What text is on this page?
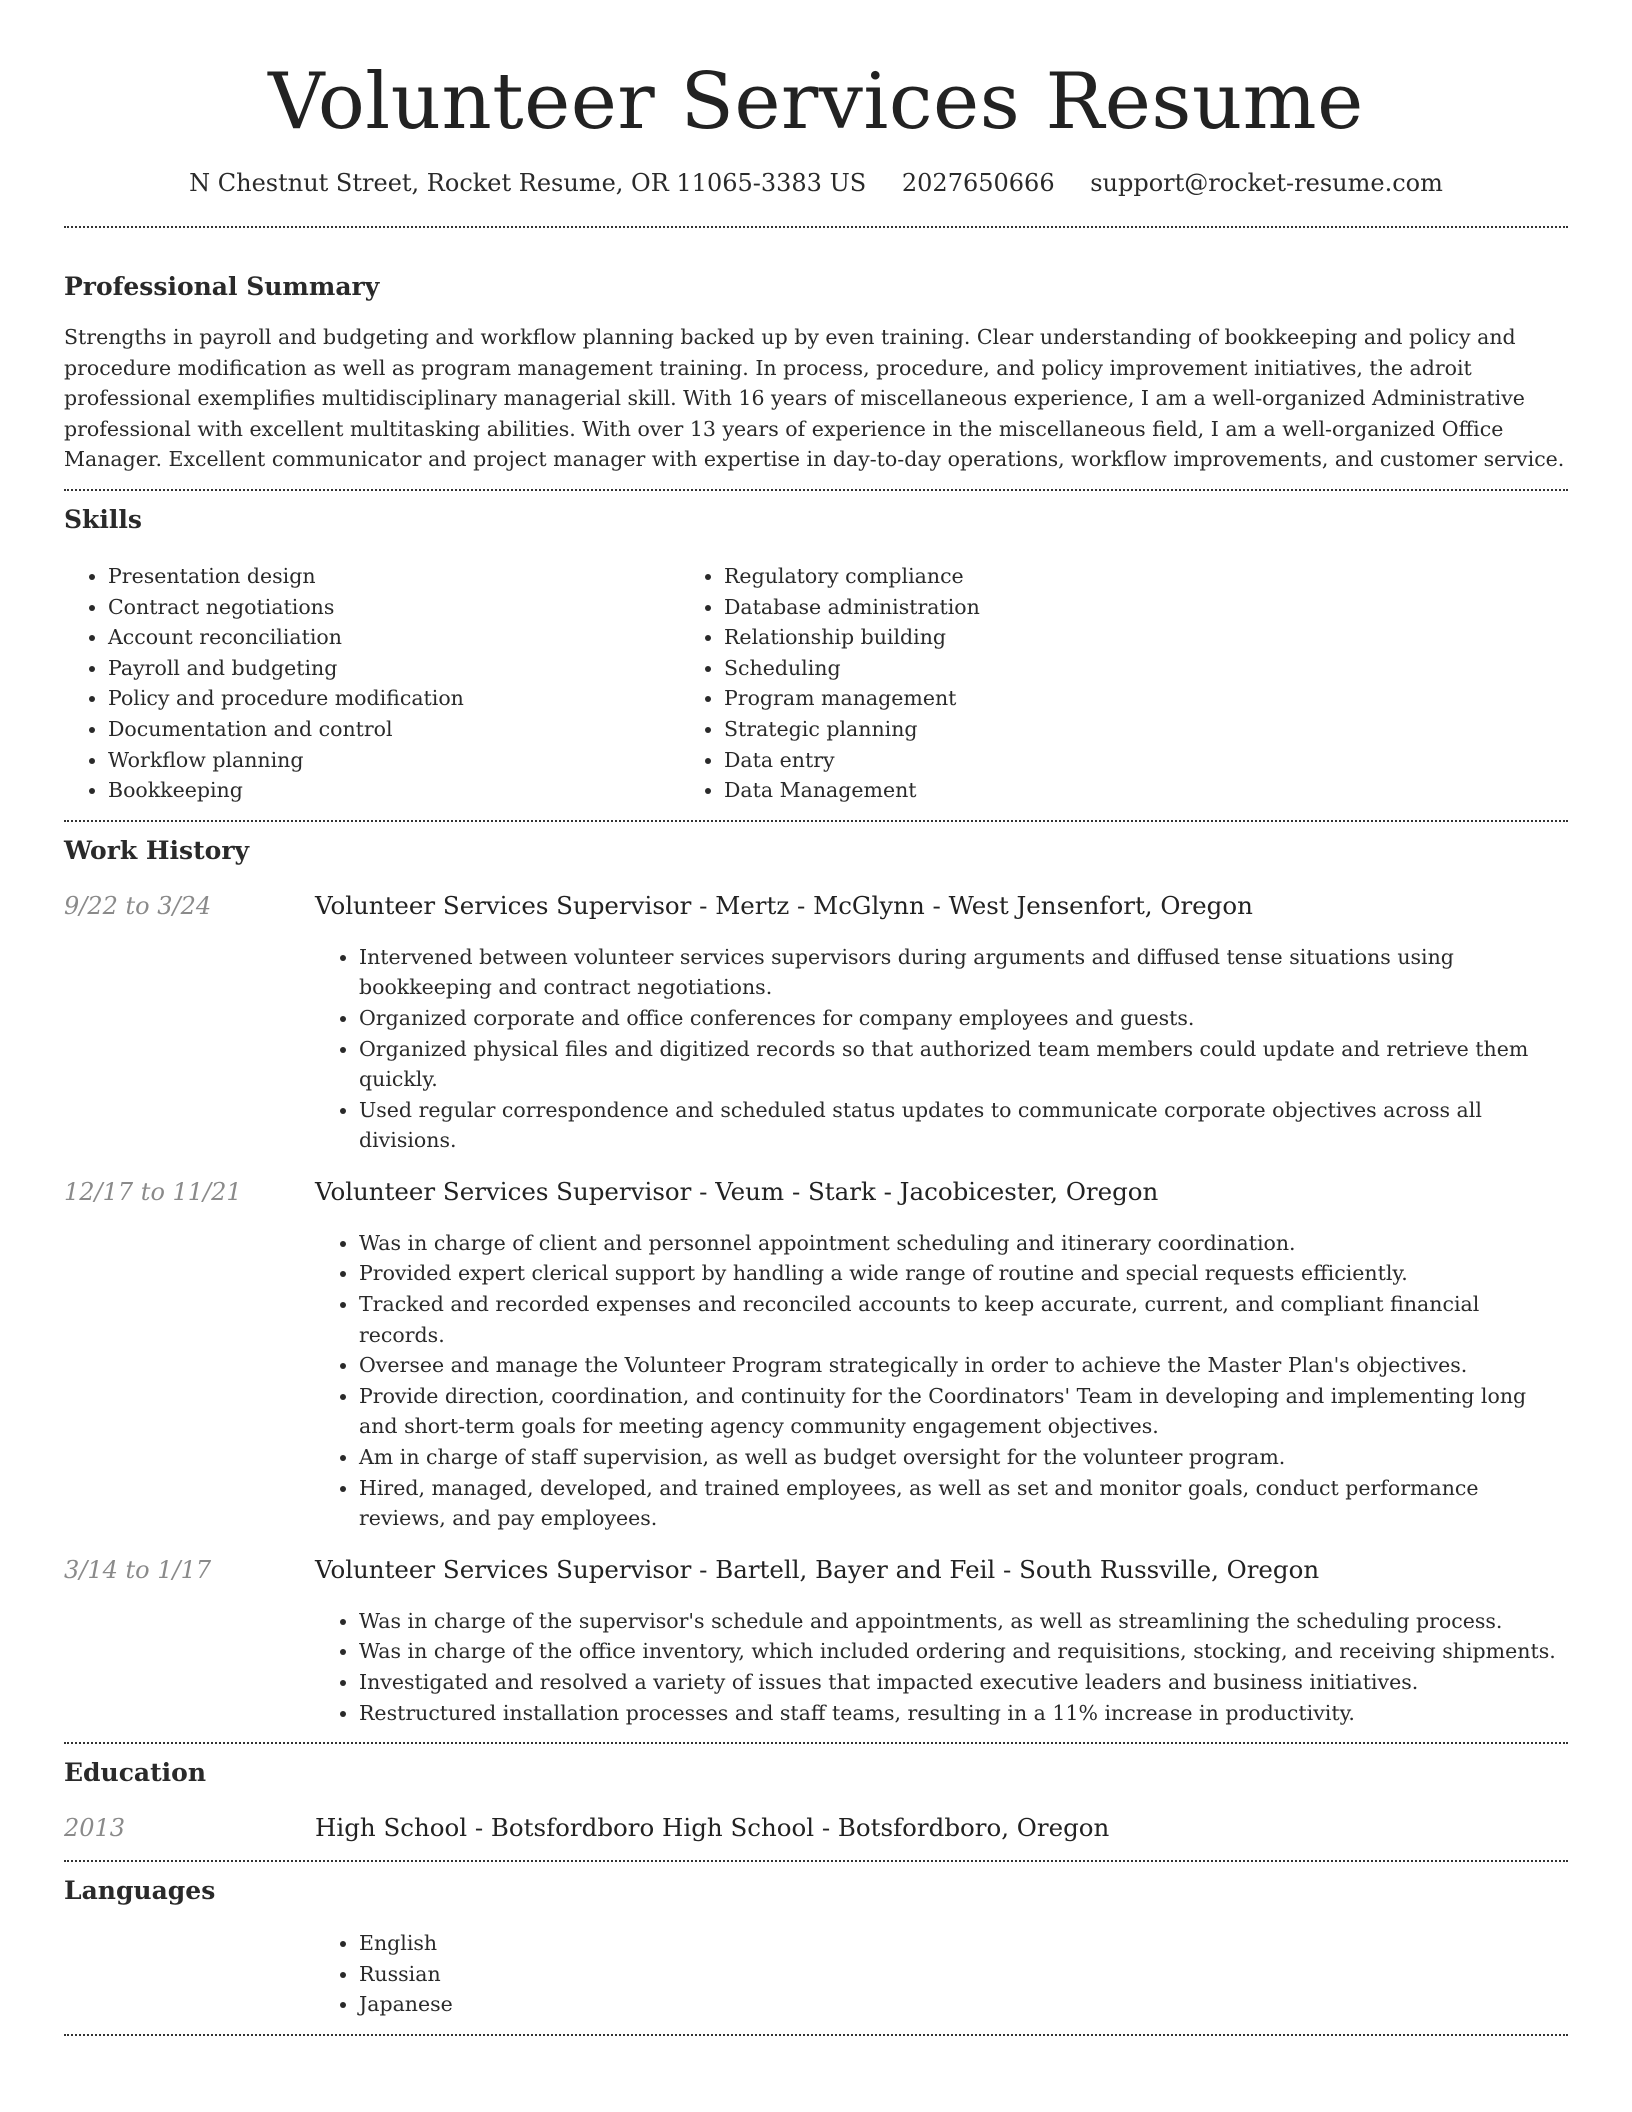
Volunteer Services Resume
N Chestnut Street, Rocket Resume, OR 11065-3383 US 2027650666 support@rocket-resume.com
Professional Summary
Strengths in payroll and budgeting and workflow planning backed up by even training. Clear understanding of bookkeeping and policy and procedure modification as well as program management training. In process, procedure, and policy improvement initiatives, the adroit professional exemplifies multidisciplinary managerial skill. With 16 years of miscellaneous experience, I am a well-organized Administrative professional with excellent multitasking abilities. With over 13 years of experience in the miscellaneous field, I am a well-organized Office Manager. Excellent communicator and project manager with expertise in day-to-day operations, workflow improvements, and customer service.
Skills
• Presentation design
• Contract negotiations
• Account reconciliation
• Payroll and budgeting
• Policy and procedure modification
• Documentation and control
• Workflow planning
• Bookkeeping
• Regulatory compliance
• Database administration
• Relationship building
• Scheduling
• Program management
• Strategic planning
• Data entry
• Data Management
Work History
9/22 to 3/24	Volunteer Services Supervisor - Mertz - McGlynn - West Jensenfort, Oregon
• Intervened between volunteer services supervisors during arguments and diffused tense situations using bookkeeping and contract negotiations.
• Organized corporate and office conferences for company employees and guests.
• Organized physical files and digitized records so that authorized team members could update and retrieve them quickly.
• Used regular correspondence and scheduled status updates to communicate corporate objectives across all divisions.
12/17 to 11/21	Volunteer Services Supervisor - Veum - Stark - Jacobicester, Oregon
• Was in charge of client and personnel appointment scheduling and itinerary coordination.
• Provided expert clerical support by handling a wide range of routine and special requests efficiently.
• Tracked and recorded expenses and reconciled accounts to keep accurate, current, and compliant financial records.
• Oversee and manage the Volunteer Program strategically in order to achieve the Master Plan's objectives.
• Provide direction, coordination, and continuity for the Coordinators' Team in developing and implementing long and short-term goals for meeting agency community engagement objectives.
• Am in charge of staff supervision, as well as budget oversight for the volunteer program.
• Hired, managed, developed, and trained employees, as well as set and monitor goals, conduct performance reviews, and pay employees.
3/14 to 1/17	Volunteer Services Supervisor - Bartell, Bayer and Feil - South Russville, Oregon
• Was in charge of the supervisor's schedule and appointments, as well as streamlining the scheduling process.
• Was in charge of the office inventory, which included ordering and requisitions, stocking, and receiving shipments.
• Investigated and resolved a variety of issues that impacted executive leaders and business initiatives.
• Restructured installation processes and staff teams, resulting in a 11% increase in productivity.
Education
2013	High School - Botsfordboro High School - Botsfordboro, Oregon
Languages
• English
• Russian
• Japanese
